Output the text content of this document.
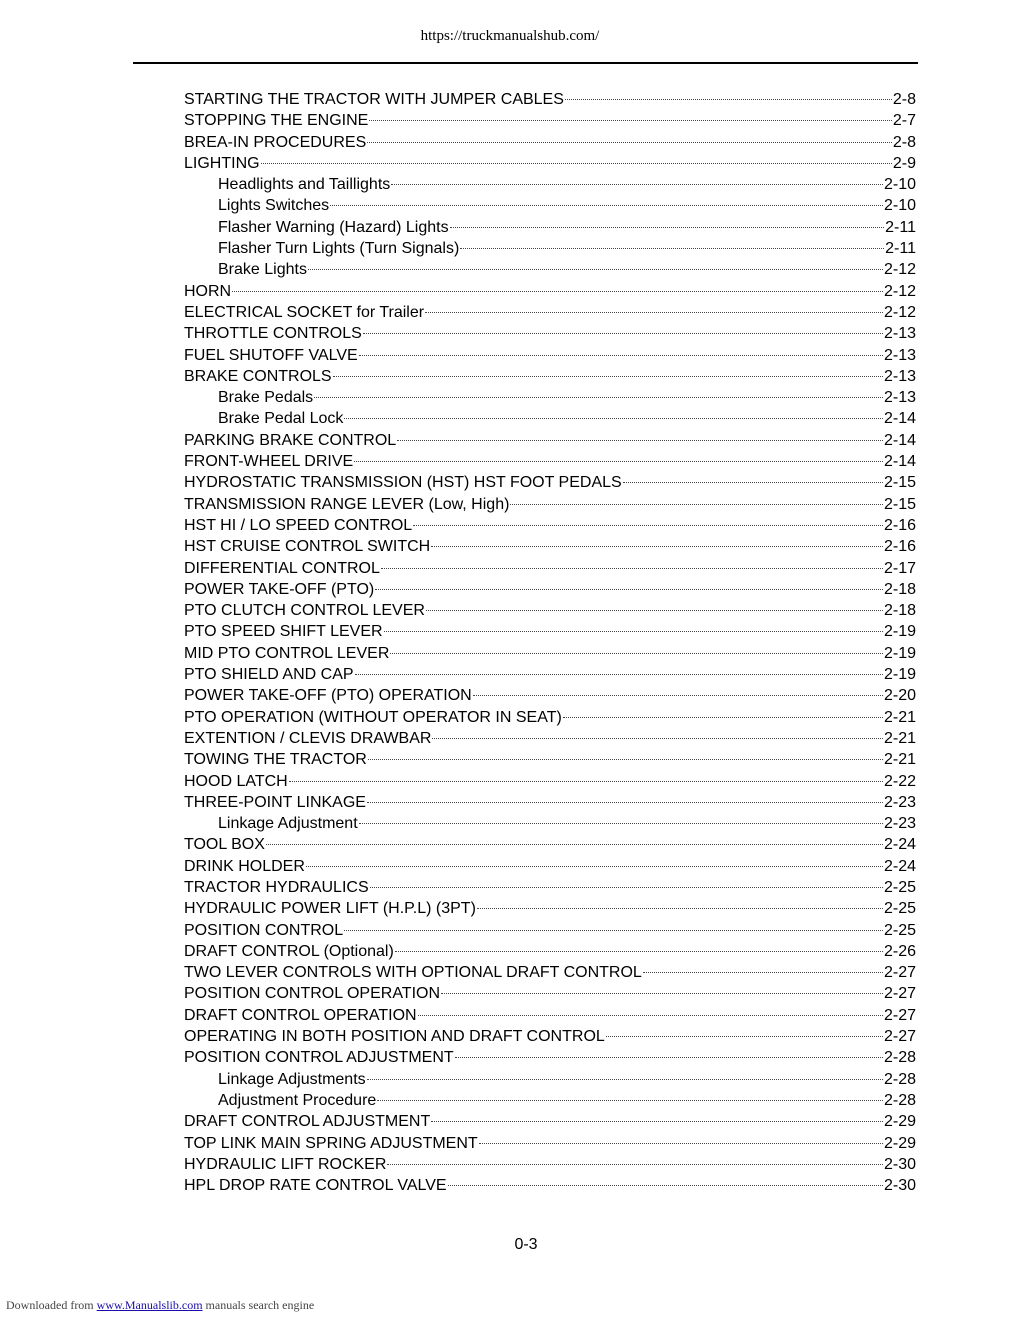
https://truckmanualshub.com/
STARTING THE TRACTOR WITH JUMPER CABLES	2-8
STOPPING THE ENGINE	2-7
BREA-IN PROCEDURES	2-8
LIGHTING	2-9
Headlights and Taillights	2-10
Lights Switches	2-10
Flasher Warning (Hazard) Lights	2-11
Flasher Turn Lights (Turn Signals)	2-11
Brake Lights	2-12
HORN	2-12
ELECTRICAL SOCKET for Trailer	2-12
THROTTLE CONTROLS	2-13
FUEL SHUTOFF VALVE	2-13
BRAKE CONTROLS	2-13
Brake Pedals	2-13
Brake Pedal Lock	2-14
PARKING BRAKE CONTROL	2-14
FRONT-WHEEL DRIVE	2-14
HYDROSTATIC TRANSMISSION (HST) HST FOOT PEDALS	2-15
TRANSMISSION RANGE LEVER (Low, High)	2-15
HST HI / LO SPEED CONTROL	2-16
HST CRUISE CONTROL SWITCH	2-16
DIFFERENTIAL CONTROL	2-17
POWER TAKE-OFF (PTO)	2-18
PTO CLUTCH CONTROL LEVER	2-18
PTO SPEED SHIFT LEVER	2-19
MID PTO CONTROL LEVER	2-19
PTO SHIELD AND CAP	2-19
POWER TAKE-OFF (PTO) OPERATION	2-20
PTO OPERATION (WITHOUT OPERATOR IN SEAT)	2-21
EXTENTION / CLEVIS DRAWBAR	2-21
TOWING THE TRACTOR	2-21
HOOD LATCH	2-22
THREE-POINT LINKAGE	2-23
Linkage Adjustment	2-23
TOOL BOX	2-24
DRINK HOLDER	2-24
TRACTOR HYDRAULICS	2-25
HYDRAULIC POWER LIFT (H.P.L) (3PT)	2-25
POSITION CONTROL	2-25
DRAFT CONTROL (Optional)	2-26
TWO LEVER CONTROLS WITH OPTIONAL DRAFT CONTROL	2-27
POSITION CONTROL OPERATION	2-27
DRAFT CONTROL OPERATION	2-27
OPERATING IN BOTH POSITION AND DRAFT CONTROL	2-27
POSITION CONTROL ADJUSTMENT	2-28
Linkage Adjustments	2-28
Adjustment Procedure	2-28
DRAFT CONTROL ADJUSTMENT	2-29
TOP LINK MAIN SPRING ADJUSTMENT	2-29
HYDRAULIC LIFT ROCKER	2-30
HPL DROP RATE CONTROL VALVE	2-30
0-3
Downloaded from www.Manualslib.com manuals search engine
